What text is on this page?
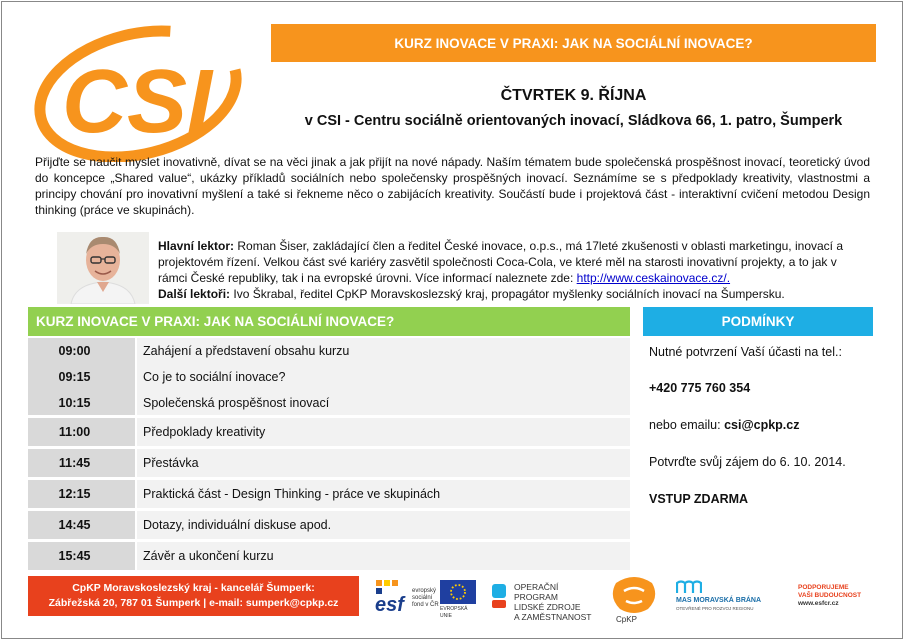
CSI
KURZ INOVACE V PRAXI: JAK NA SOCIÁLNÍ INOVACE?
ČTVRTEK 9. ŘÍJNA
v CSI - Centru sociálně orientovaných inovací, Sládkova 66, 1. patro, Šumperk
Přijďte se naučit myslet inovativně, dívat se na věci jinak a jak přijít na nové nápady. Naším tématem bude společenská prospěšnost inovací, teoretický úvod do koncepce „Shared value“, ukázky příkladů sociálních nebo společensky prospěšných inovací. Seznámíme se s předpoklady kreativity, vlastnostmi a principy chování pro inovativní myšlení a také si řekneme něco o zabijácích kreativity. Součástí bude i projektová část - interaktivní cvičení metodou Design thinking (práce ve skupinách).
Hlavní lektor: Roman Šiser, zakládající člen a ředitel České inovace, o.p.s., má 17leté zkušenosti v oblasti marketingu, inovací a projektovém řízení. Velkou část své kariéry zasvětil společnosti Coca-Cola, ve které měl na starosti inovativní projekty, a to jak v rámci České republiky, tak i na evropské úrovni. Více informací naleznete zde: http://www.ceskainovace.cz/.
Další lektoři: Ivo Škrabal, ředitel CpKP Moravskoslezský kraj, propagátor myšlenky sociálních inovací na Šumpersku.
KURZ INOVACE V PRAXI: JAK NA SOCIÁLNÍ INOVACE?
09:00	Zahájení a představení obsahu kurzu
09:15	Co je to sociální inovace?
10:15	Společenská prospěšnost inovací
11:00	Předpoklady kreativity
11:45	Přestávka
12:15	Praktická část - Design Thinking - práce ve skupinách
14:45	Dotazy, individuální diskuse apod.
15:45	Závěr a ukončení kurzu
PODMÍNKY
Nutné potvrzení Vaší účasti na tel.:
+420 775 760 354
nebo emailu: csi@cpkp.cz
Potvrďte svůj zájem do 6. 10. 2014.
VSTUP ZDARMA
CpKP Moravskoslezský kraj - kancelář Šumperk:
Zábřežská 20, 787 01 Šumperk | e-mail: sumperk@cpkp.cz	esf
evropský sociální fond v ČR
EVROPSKÁ UNIE
OPERAČNÍ PROGRAM
LIDSKÉ ZDROJE
A ZAMĚSTNANOST	CpKP
MAS MORAVSKÁ BRÁNA
OTEVŘENÉ PRO ROZVOJ REGIONU
PODPORUJEME
VAŠI BUDOUCNOST
www.esfcr.cz
